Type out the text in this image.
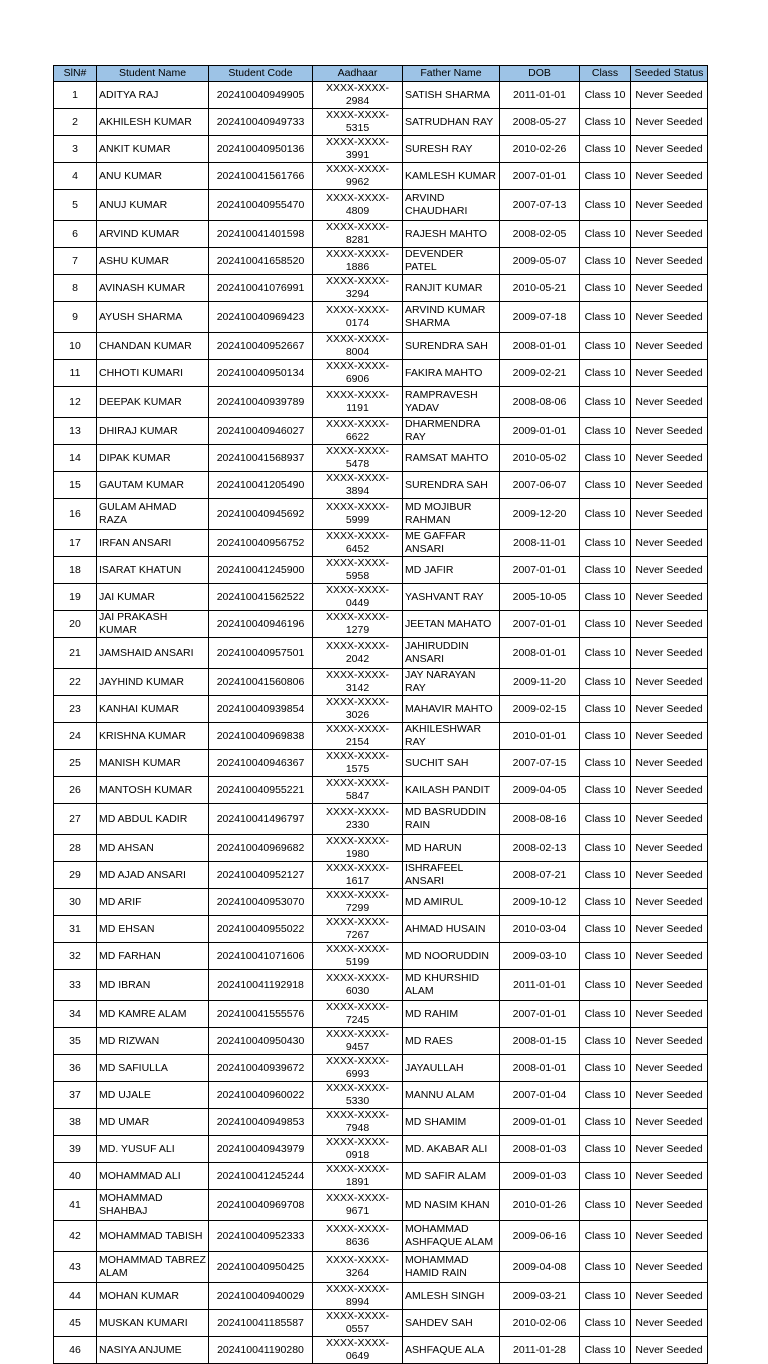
SlN#	Student Name	Student Code	Aadhaar	Father Name	DOB	Class	Seeded Status
1	ADITYA RAJ	202410040949905	XXXX-XXXX-2984	SATISH SHARMA	2011-01-01	Class 10	Never Seeded
2	AKHILESH KUMAR	202410040949733	XXXX-XXXX-5315	SATRUDHAN RAY	2008-05-27	Class 10	Never Seeded
3	ANKIT KUMAR	202410040950136	XXXX-XXXX-3991	SURESH RAY	2010-02-26	Class 10	Never Seeded
4	ANU KUMAR	202410041561766	XXXX-XXXX-9962	KAMLESH KUMAR	2007-01-01	Class 10	Never Seeded
5	ANUJ KUMAR	202410040955470	XXXX-XXXX-4809	ARVIND CHAUDHARI	2007-07-13	Class 10	Never Seeded
6	ARVIND KUMAR	202410041401598	XXXX-XXXX-8281	RAJESH MAHTO	2008-02-05	Class 10	Never Seeded
7	ASHU KUMAR	202410041658520	XXXX-XXXX-1886	DEVENDER PATEL	2009-05-07	Class 10	Never Seeded
8	AVINASH KUMAR	202410041076991	XXXX-XXXX-3294	RANJIT KUMAR	2010-05-21	Class 10	Never Seeded
9	AYUSH SHARMA	202410040969423	XXXX-XXXX-0174	ARVIND KUMAR SHARMA	2009-07-18	Class 10	Never Seeded
10	CHANDAN KUMAR	202410040952667	XXXX-XXXX-8004	SURENDRA SAH	2008-01-01	Class 10	Never Seeded
11	CHHOTI KUMARI	202410040950134	XXXX-XXXX-6906	FAKIRA MAHTO	2009-02-21	Class 10	Never Seeded
12	DEEPAK KUMAR	202410040939789	XXXX-XXXX-1191	RAMPRAVESH YADAV	2008-08-06	Class 10	Never Seeded
13	DHIRAJ KUMAR	202410040946027	XXXX-XXXX-6622	DHARMENDRA RAY	2009-01-01	Class 10	Never Seeded
14	DIPAK KUMAR	202410041568937	XXXX-XXXX-5478	RAMSAT MAHTO	2010-05-02	Class 10	Never Seeded
15	GAUTAM KUMAR	202410041205490	XXXX-XXXX-3894	SURENDRA SAH	2007-06-07	Class 10	Never Seeded
16	GULAM AHMAD RAZA	202410040945692	XXXX-XXXX-5999	MD MOJIBUR RAHMAN	2009-12-20	Class 10	Never Seeded
17	IRFAN ANSARI	202410040956752	XXXX-XXXX-6452	ME GAFFAR ANSARI	2008-11-01	Class 10	Never Seeded
18	ISARAT KHATUN	202410041245900	XXXX-XXXX-5958	MD JAFIR	2007-01-01	Class 10	Never Seeded
19	JAI KUMAR	202410041562522	XXXX-XXXX-0449	YASHVANT RAY	2005-10-05	Class 10	Never Seeded
20	JAI PRAKASH KUMAR	202410040946196	XXXX-XXXX-1279	JEETAN MAHATO	2007-01-01	Class 10	Never Seeded
21	JAMSHAID ANSARI	202410040957501	XXXX-XXXX-2042	JAHIRUDDIN ANSARI	2008-01-01	Class 10	Never Seeded
22	JAYHIND KUMAR	202410041560806	XXXX-XXXX-3142	JAY NARAYAN RAY	2009-11-20	Class 10	Never Seeded
23	KANHAI KUMAR	202410040939854	XXXX-XXXX-3026	MAHAVIR MAHTO	2009-02-15	Class 10	Never Seeded
24	KRISHNA KUMAR	202410040969838	XXXX-XXXX-2154	AKHILESHWAR RAY	2010-01-01	Class 10	Never Seeded
25	MANISH KUMAR	202410040946367	XXXX-XXXX-1575	SUCHIT SAH	2007-07-15	Class 10	Never Seeded
26	MANTOSH KUMAR	202410040955221	XXXX-XXXX-5847	KAILASH PANDIT	2009-04-05	Class 10	Never Seeded
27	MD ABDUL KADIR	202410041496797	XXXX-XXXX-2330	MD BASRUDDIN RAIN	2008-08-16	Class 10	Never Seeded
28	MD AHSAN	202410040969682	XXXX-XXXX-1980	MD HARUN	2008-02-13	Class 10	Never Seeded
29	MD AJAD ANSARI	202410040952127	XXXX-XXXX-1617	ISHRAFEEL ANSARI	2008-07-21	Class 10	Never Seeded
30	MD ARIF	202410040953070	XXXX-XXXX-7299	MD AMIRUL	2009-10-12	Class 10	Never Seeded
31	MD EHSAN	202410040955022	XXXX-XXXX-7267	AHMAD HUSAIN	2010-03-04	Class 10	Never Seeded
32	MD FARHAN	202410041071606	XXXX-XXXX-5199	MD NOORUDDIN	2009-03-10	Class 10	Never Seeded
33	MD IBRAN	202410041192918	XXXX-XXXX-6030	MD KHURSHID ALAM	2011-01-01	Class 10	Never Seeded
34	MD KAMRE ALAM	202410041555576	XXXX-XXXX-7245	MD RAHIM	2007-01-01	Class 10	Never Seeded
35	MD RIZWAN	202410040950430	XXXX-XXXX-9457	MD RAES	2008-01-15	Class 10	Never Seeded
36	MD SAFIULLA	202410040939672	XXXX-XXXX-6993	JAYAULLAH	2008-01-01	Class 10	Never Seeded
37	MD UJALE	202410040960022	XXXX-XXXX-5330	MANNU ALAM	2007-01-04	Class 10	Never Seeded
38	MD UMAR	202410040949853	XXXX-XXXX-7948	MD SHAMIM	2009-01-01	Class 10	Never Seeded
39	MD. YUSUF ALI	202410040943979	XXXX-XXXX-0918	MD. AKABAR ALI	2008-01-03	Class 10	Never Seeded
40	MOHAMMAD ALI	202410041245244	XXXX-XXXX-1891	MD SAFIR ALAM	2009-01-03	Class 10	Never Seeded
41	MOHAMMAD SHAHBAJ	202410040969708	XXXX-XXXX-9671	MD NASIM KHAN	2010-01-26	Class 10	Never Seeded
42	MOHAMMAD TABISH	202410040952333	XXXX-XXXX-8636	MOHAMMAD ASHFAQUE ALAM	2009-06-16	Class 10	Never Seeded
43	MOHAMMAD TABREZ ALAM	202410040950425	XXXX-XXXX-3264	MOHAMMAD HAMID RAIN	2009-04-08	Class 10	Never Seeded
44	MOHAN KUMAR	202410040940029	XXXX-XXXX-8994	AMLESH SINGH	2009-03-21	Class 10	Never Seeded
45	MUSKAN KUMARI	202410041185587	XXXX-XXXX-0557	SAHDEV SAH	2010-02-06	Class 10	Never Seeded
46	NASIYA ANJUME	202410041190280	XXXX-XXXX-0649	ASHFAQUE ALA	2011-01-28	Class 10	Never Seeded
